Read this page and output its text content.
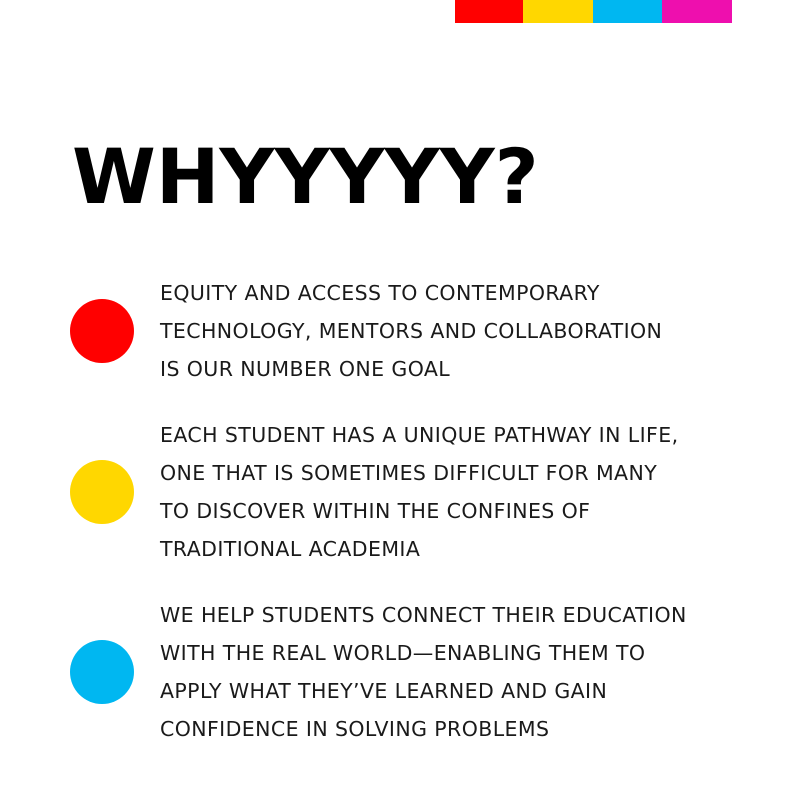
WHYYYYY?

EQUITY AND ACCESS TO CONTEMPORARY
TECHNOLOGY, MENTORS AND COLLABORATION
IS OUR NUMBER ONE GOAL

EACH STUDENT HAS A UNIQUE PATHWAY IN LIFE,
ONE THAT IS SOMETIMES DIFFICULT FOR MANY
TO DISCOVER WITHIN THE CONFINES OF
TRADITIONAL ACADEMIA

WE HELP STUDENTS CONNECT THEIR EDUCATION
WITH THE REAL WORLD—ENABLING THEM TO
APPLY WHAT THEY’VE LEARNED AND GAIN
CONFIDENCE IN SOLVING PROBLEMS
